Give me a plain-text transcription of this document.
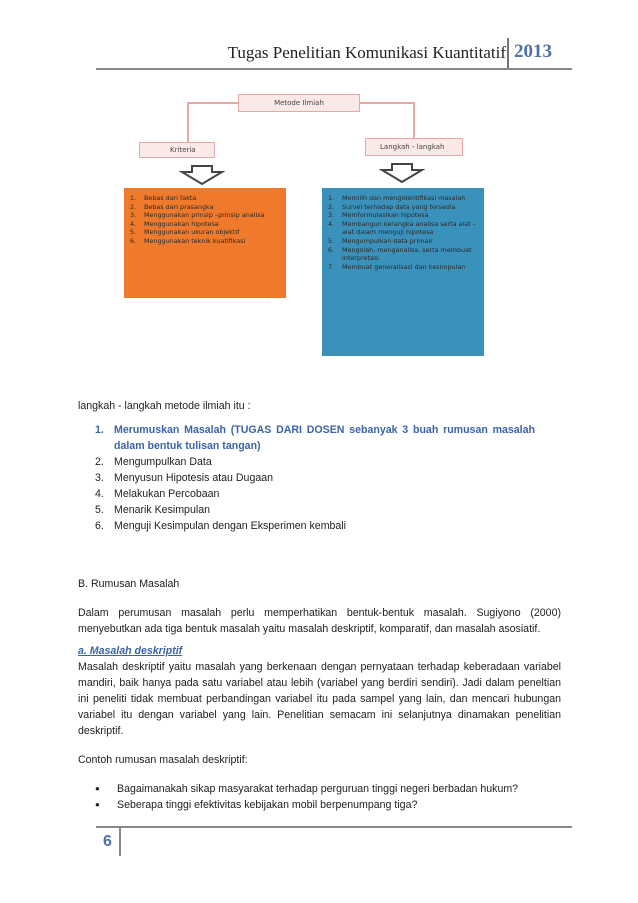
Tugas Penelitian Komunikasi Kuantitatif 2013
Metode Ilmiah
Kriteria	Langkah - langkah
1.	Bebas dari fakta
2.	Bebas dari prasangka
3.	Menggunakan prinsip –prinsip analisa
4.	Menggunakan hipotesa
5.	Menggunakan ukuran objektif
6.	Menggunakan teknik kuatifikasi
1.	Memilih dan mengidentifikasi masalah
2.	Survei terhadap data yang tersedia
3.	Memformulasikan hipotesa
4.	Membangun kerangka analisa serta alat –alat dalam menguji hipotesa
5.	Mengumpulkan data primair
6.	Mengolah, menganalisa, serta membuat interpretasi
7.	Membuat generalisasi dan kesimpulan
langkah - langkah metode ilmiah itu :
1. Merumuskan Masalah (TUGAS DARI DOSEN sebanyak 3 buah rumusan masalah dalam bentuk tulisan tangan)
2. Mengumpulkan Data
3. Menyusun Hipotesis atau Dugaan
4. Melakukan Percobaan
5. Menarik Kesimpulan
6. Menguji Kesimpulan dengan Eksperimen kembali
B. Rumusan Masalah
Dalam perumusan masalah perlu memperhatikan bentuk-bentuk masalah. Sugiyono (2000) menyebutkan ada tiga bentuk masalah yaitu masalah deskriptif, komparatif, dan masalah asosiatif.
a. Masalah deskriptif
Masalah deskriptif yaitu masalah yang berkenaan dengan pernyataan terhadap keberadaan variabel mandiri, baik hanya pada satu variabel atau lebih (variabel yang berdiri sendiri). Jadi dalam peneltian ini peneliti tidak membuat perbandingan variabel itu pada sampel yang lain, dan mencari hubungan variabel itu dengan variabel yang lain. Penelitian semacam ini selanjutnya dinamakan penelitian deskriptif.
Contoh rumusan masalah deskriptif:
●	Bagaimanakah sikap masyarakat terhadap perguruan tinggi negeri berbadan hukum?
●	Seberapa tinggi efektivitas kebijakan mobil berpenumpang tiga?
6
